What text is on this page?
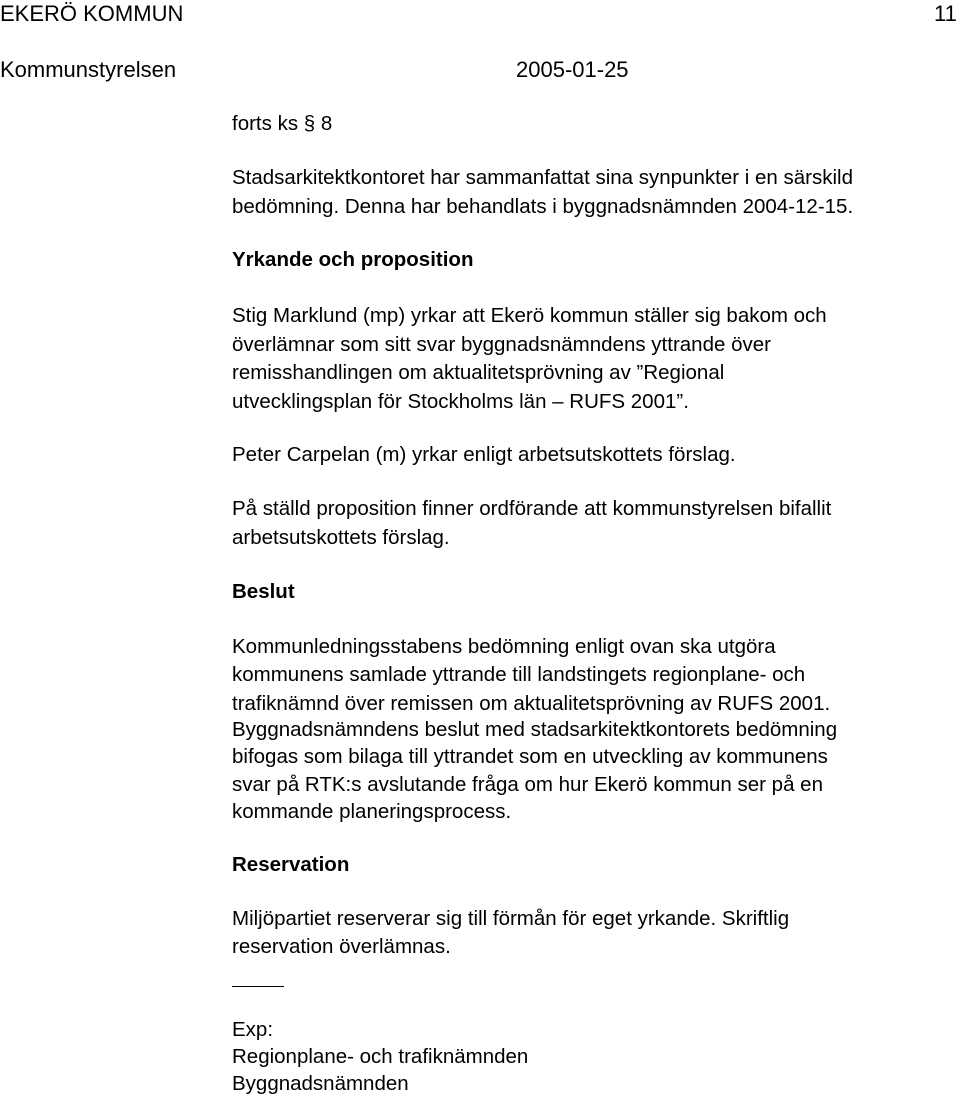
EKERÖ KOMMUN	11
Kommunstyrelsen	2005-01-25
forts ks § 8
Stadsarkitektkontoret har sammanfattat sina synpunkter i en särskild
bedömning. Denna har behandlats i byggnadsnämnden 2004-12-15.
Yrkande och proposition
Stig Marklund (mp) yrkar att Ekerö kommun ställer sig bakom och
överlämnar som sitt svar byggnadsnämndens yttrande över
remisshandlingen om aktualitetsprövning av ”Regional
utvecklingsplan för Stockholms län – RUFS 2001”.
Peter Carpelan (m) yrkar enligt arbetsutskottets förslag.
På ställd proposition finner ordförande att kommunstyrelsen bifallit
arbetsutskottets förslag.
Beslut
Kommunledningsstabens bedömning enligt ovan ska utgöra
kommunens samlade yttrande till landstingets regionplane- och
trafiknämnd över remissen om aktualitetsprövning av RUFS 2001.
Byggnadsnämndens beslut med stadsarkitektkontorets bedömning
bifogas som bilaga till yttrandet som en utveckling av kommunens
svar på RTK:s avslutande fråga om hur Ekerö kommun ser på en
kommande planeringsprocess.
Reservation
Miljöpartiet reserverar sig till förmån för eget yrkande. Skriftlig
reservation överlämnas.
Exp:
Regionplane- och trafiknämnden
Byggnadsnämnden
